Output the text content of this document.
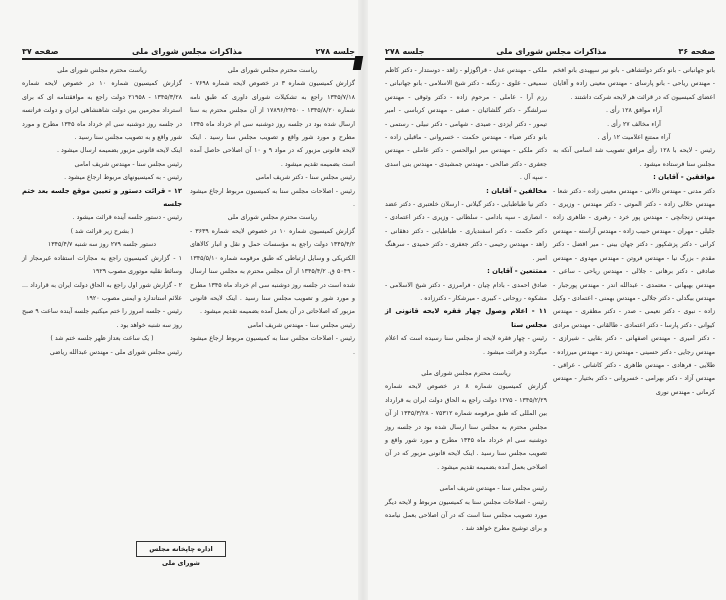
جلسه ۲۷۸
مذاکرات مجلس شورای ملی
صفحه ۳۷

ریاست محترم مجلس شورای ملی

گزارش کمیسیون شماره ۳ در خصوص لایحه شماره ۷۶۹۸ - ۱۳۴۵/۷/۱۸ راجع به تشکیلات شورای داوری که طبق نامه شماره ۱۳۴۵/۸/۲۰ - ۱۷۸۹۶/۲۴۵۰ از آن مجلس محترم به سنا ارسال شده بود در جلسه روز دوشنبه سی ام خرداد ماه ۱۳۴۵ مطرح و مورد شور واقع و تصویب مجلس سنا رسید . اینک لایحه قانونی مزبور که در مواد ۹ و ۱۰ آن اصلاحی حاصل آمده است بضمیمه تقدیم میشود .

رئیس مجلس سنا - دکتر شریف امامی

رئیس - اصلاحات مجلس سنا به کمیسیون مربوط ارجاع میشود .

ریاست محترم مجلس شورای ملی

گزارش کمیسیون شماره ۱۰ در خصوص لایحه شماره ۳۶۳۹ - ۱۳۴۵/۴/۲ دولت راجع به مؤسسات حمل و نقل و انبار کالاهای الکتریکی و وسایل ارتباطی که طبق مرقومه شماره ۱۳۴۵/۵/۱۰ - ۵۰۴۹ ق. ۱۳۴۵/۴/۲ از آن مجلس محترم به مجلس سنا ارسال شده است در جلسه روز دوشنبه سی ام خرداد ماه ۱۳۴۵ مطرح و مورد شور و تصویب مجلس سنا رسید . اینک لایحه قانونی مزبور که اصلاحاتی در آن بعمل آمده بضمیمه تقدیم میشود .

رئیس مجلس سنا - مهندس شریف امامی

رئیس - اصلاحات مجلس سنا به کمیسیون مربوط ارجاع میشود .

ریاست محترم مجلس شورای ملی

گزارش کمیسیون شماره ۱۰ در خصوص لایحه شماره ۱۳۴۵/۳/۲۸ - ۲۱۹۵۸ دولت راجع به موافقتنامه ای که برای استرداد مجرمین بین دولت شاهنشاهی ایران و دولت فرانسه در جلسه روز دوشنبه سی ام خرداد ماه ۱۳۴۵ مطرح و مورد شور واقع و به تصویب مجلس سنا رسید .

اینک لایحه قانونی مزبور بضمیمه ارسال میشود .

رئیس مجلس سنا - مهندس شریف امامی

رئیس - به کمیسیونهای مربوط ارجاع میشود .

۱۲ - قرائت دستور و تعیین موقع جلسه بعد ختم جلسه

رئیس - دستور جلسه آینده قرائت میشود .

( بشرح زیر قرائت شد )

دستور جلسه ۲۷۹ روز سه شنبه ۱۳۴۵/۴/۷

۱ - گزارش کمیسیون راجع به مجازات استفاده غیرمجاز از وسائط نقلیه موتوری مصوب ۱۹۲۹

۲ - گزارش شور اول راجع به الحاق دولت ایران به قرارداد ... علائم استاندارد و ایمنی مصوب ۱۹۲۰

رئیس - جلسه امروز را ختم میکنیم جلسه آینده ساعت ۹ صبح روز سه شنبه خواهد بود .

( یک ساعت بعداز ظهر جلسه ختم شد )

رئیس مجلس شورای ملی - مهندس عبدالله ریاضی

اداره چاپخانه مجلس شورای ملی
صفحه ۳۶
مذاکرات مجلس شورای ملی
جلسه ۲۷۸

بانو جهانبانی - بانو دکتر دولتشاهی - بانو نیر سپهبدی بانو افخم - مهندس ریاحی - بانو پارسای - مهندس معینی زاده و آقایان اعضای کمیسیون که در قرائت هر لایحه شرکت داشتند .

آراء موافق ۱۲۸ رأی .

آراء مخالف ۲۷ رأی .

آراء ممتنع اعلامیت ۱۲ رأی .

رئیس - لایحه با ۱۲۸ رأی مرافق تصویب شد اسامی آنکه به مجلس سنا فرستاده میشود .

موافقین - آقایان :

دکتر مدنی - مهندس دالانی - مهندس معینی زاده - دکتر شعا - مهندس حلالی زاده - دکتر الموتی - دکتر مهندس - وزیری - مهندس زنجانچی - مهندس پور خرد - رهبری - طاهری زاده جلیلی - مهران - مهندس حبیب زاده - مهندس آراسته - مهندس کرانی - دکتر پزشکپور - دکتر جهان بینی - میر افضل - دکتر مقدم - بزرگ نیا - مهندس فروتن - مهندس مهدوی - مهندس صادقی - دکتر برهانی - جلالی - مهندس ریاحی - ساعی - مهندس بهبهانی - معتمدی - عبدالله اندر - مهندس پورجبار - مهندس بیگدلی - دکتر جلالی - مهندس بهمنی - اعتمادی - وکیل زاده - نبوی - دکتر نعیمی - صدر - دکتر مظفری - مهندس کیوانی - دکتر پارسا - دکتر اعتمادی - طالقانی - مهندس مرادی - دکتر امیری - مهندس اصفهانی - دکتر بقایی - شیرازی - مهندس رجایی - دکتر حسینی - مهندس زند - مهندس میرزاده - طلایی - فرهادی - مهندس طاهری - دکتر کاشانی - عراقی - مهندس آزاد - دکتر بهرامی - خسروانی - دکتر بختیار - مهندس کرمانی - مهندس نوری

ملکی - مهندس عدل - قراگوزلو - زاهد - دوستدار - دکتر کاظم سمیعی - علوی - زنگنه - دکتر شیخ الاسلامی - بانو جهانبانی - رزم آرا - عاملی - مرحوم زاده - دکتر وثوقی - مهندس سرلشگر - دکتر گلشائیان - صفی - مهندس کرباسی - امیر تیمور - دکتر ایزدی - صیدی - شهامی - دکتر نبیلی - رستمی - بانو دکتر ضیاء - مهندس حکمت - خسروانی - ماقبلی زاده - دکتر ملکی - مهندس میر ابوالحسن - دکتر عاملی - مهندس جعفری - دکتر صالحی - مهندس جمشیدی - مهندس بنی اسدی - سپه آل .

مخالفین - آقایان :

دکتر نیا طباطبایی - دکتر گیلانی - ارسلان خلعتبری - دکتر عضد - انصاری - سپه بادامی - سلطانی - وزیری - دکتر اعتمادی - دکتر حکمت - دکتر اسفندیاری - طباطبایی - دکتر دهقانی - زاهد - مهندس رحیمی - دکتر جعفری - دکتر حمیدی - سرهنگ امیر .

ممتنعین - آقایان :

صادق احمدی - بادام چیان - فرامرزی - دکتر شیخ الاسلامی - مشکوه - روحانی - کبیری - میرشکار - دکترزاده .

۱۱ - اعلام وصول چهار فقره لایحه قانونی از مجلس سنا

رئیس - چهار فقره لایحه از مجلس سنا رسیده است که اعلام میگردد و فرائت میشود .

ریاست محترم مجلس شورای ملی

گزارش کمیسیون شماره ۸ در خصوص لایحه شماره ۱۳۴۵/۲/۲۹ - ۱۲۷۵ دولت راجع به الحاق دولت ایران به قرارداد بین المللی که طبق مرقومه شماره ۷۵۳۱۲ - ۱۳۴۵/۳/۲۸ از آن مجلس محترم به مجلس سنا ارسال شده بود در جلسه روز دوشنبه سی ام خرداد ماه ۱۳۴۵ مطرح و مورد شور واقع و تصویب مجلس سنا رسید . اینک لایحه قانونی مزبور که در آن اصلاحی بعمل آمده بضمیمه تقدیم میشود .

رئیس مجلس سنا - مهندس شریف امامی

رئیس - اصلاحات مجلس سنا به کمیسیون مربوط و لایحه دیگر مورد تصویب مجلس سنا است که در آن اصلاحی بعمل نیامده و برای توشیح مطرح خواهد شد .
